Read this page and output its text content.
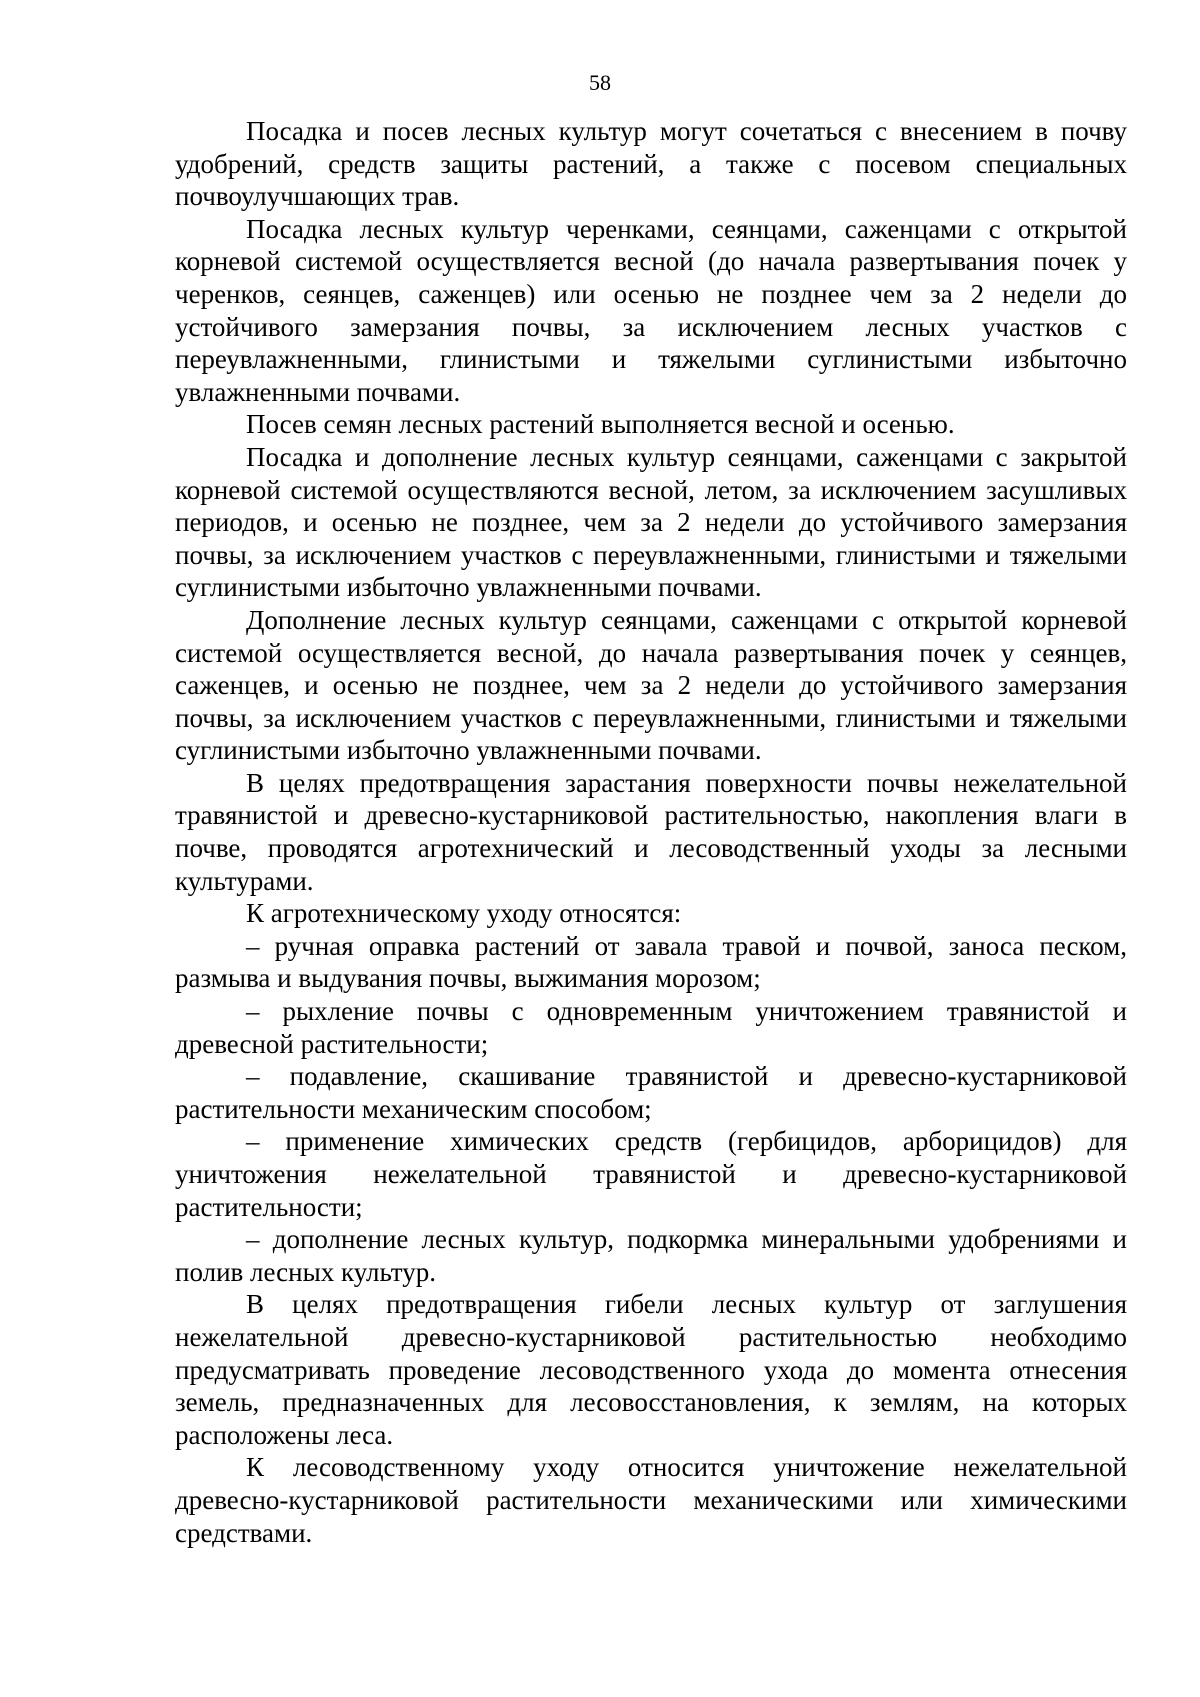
58

Посадка и посев лесных культур могут сочетаться с внесением в почву удобрений, средств защиты растений, а также с посевом специальных почвоулучшающих трав.

Посадка лесных культур черенками, сеянцами, саженцами с открытой корневой системой осуществляется весной (до начала развертывания почек у черенков, сеянцев, саженцев) или осенью не позднее чем за 2 недели до устойчивого замерзания почвы, за исключением лесных участков с переувлажненными, глинистыми и тяжелыми суглинистыми избыточно увлажненными почвами.

Посев семян лесных растений выполняется весной и осенью.

Посадка и дополнение лесных культур сеянцами, саженцами с закрытой корневой системой осуществляются весной, летом, за исключением засушливых периодов, и осенью не позднее, чем за 2 недели до устойчивого замерзания почвы, за исключением участков с переувлажненными, глинистыми и тяжелыми суглинистыми избыточно увлажненными почвами.

Дополнение лесных культур сеянцами, саженцами с открытой корневой системой осуществляется весной, до начала развертывания почек у сеянцев, саженцев, и осенью не позднее, чем за 2 недели до устойчивого замерзания почвы, за исключением участков с переувлажненными, глинистыми и тяжелыми суглинистыми избыточно увлажненными почвами.

В целях предотвращения зарастания поверхности почвы нежелательной травянистой и древесно-кустарниковой растительностью, накопления влаги в почве, проводятся агротехнический и лесоводственный уходы за лесными культурами.

К агротехническому уходу относятся:

– ручная оправка растений от завала травой и почвой, заноса песком, размыва и выдувания почвы, выжимания морозом;

– рыхление почвы с одновременным уничтожением травянистой и древесной растительности;

– подавление, скашивание травянистой и древесно-кустарниковой растительности механическим способом;

– применение химических средств (гербицидов, арборицидов) для уничтожения нежелательной травянистой и древесно-кустарниковой растительности;

– дополнение лесных культур, подкормка минеральными удобрениями и полив лесных культур.

В целях предотвращения гибели лесных культур от заглушения нежелательной древесно-кустарниковой растительностью необходимо предусматривать проведение лесоводственного ухода до момента отнесения земель, предназначенных для лесовосстановления, к землям, на которых расположены леса.

К лесоводственному уходу относится уничтожение нежелательной древесно-кустарниковой растительности механическими или химическими средствами.
